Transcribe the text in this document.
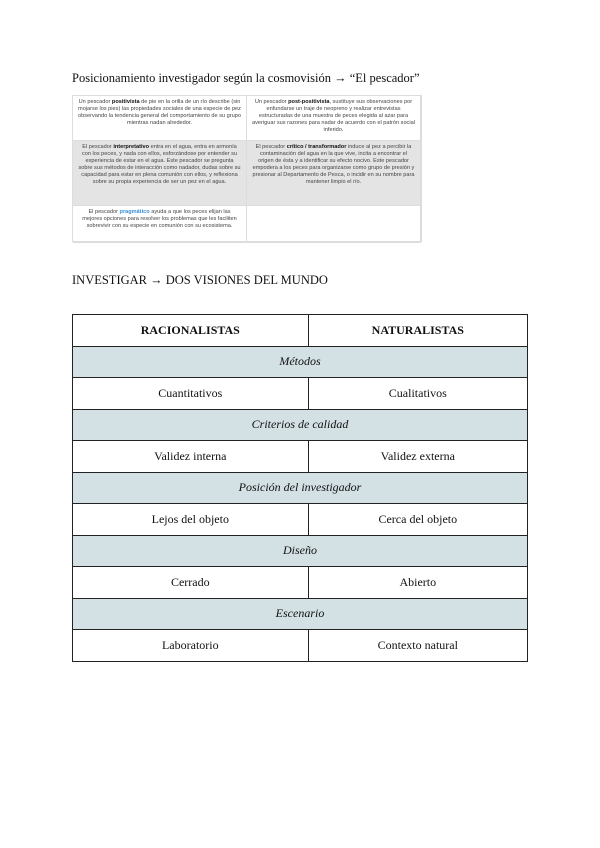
Posicionamiento investigador según la cosmovisión → “El pescador”
Un pescador positivista de pie en la orilla de un río describe (sin mojarse los pies) las propiedades sociales de una especie de pez observando la tendencia general del comportamiento de su grupo mientras nadan alrededor.
Un pescador post-positivista, sustituye sus observaciones por enfundarse un traje de neopreno y realizar entrevistas estructuradas de una muestra de peces elegida al azar para averiguar sus razones para nadar de acuerdo con el patrón social inferido.
El pescador interpretativo entra en el agua, entra en armonía con los peces, y nada con ellos, esforzándose por entender su experiencia de estar en el agua. Este pescador se pregunta sobre sus métodos de interacción como nadador, dudas sobre su capacidad para estar en plena comunión con ellos, y reflexiona sobre su propia experiencia de ser un pez en el agua.
El pescador crítico / transformador induce al pez a percibir la contaminación del agua en la que vive, incita a encontrar el origen de ésta y a identificar su efecto nocivo. Este pescador empodera a los peces para organizarse como grupo de presión y presionar al Departamento de Pesca, o incidir en su nombre para mantener limpio el río.
El pescador pragmático ayuda a que los peces elijan las mejores opciones para resolver los problemas que les faciliten sobrevivir con su especie en comunión con su ecosistema.
INVESTIGAR → DOS VISIONES DEL MUNDO
RACIONALISTAS	NATURALISTAS
Métodos	
Cuantitativos	Cualitativos
Criterios de calidad	
Validez interna	Validez externa
Posición del investigador	
Lejos del objeto	Cerca del objeto
Diseño	
Cerrado	Abierto
Escenario	
Laboratorio	Contexto natural
